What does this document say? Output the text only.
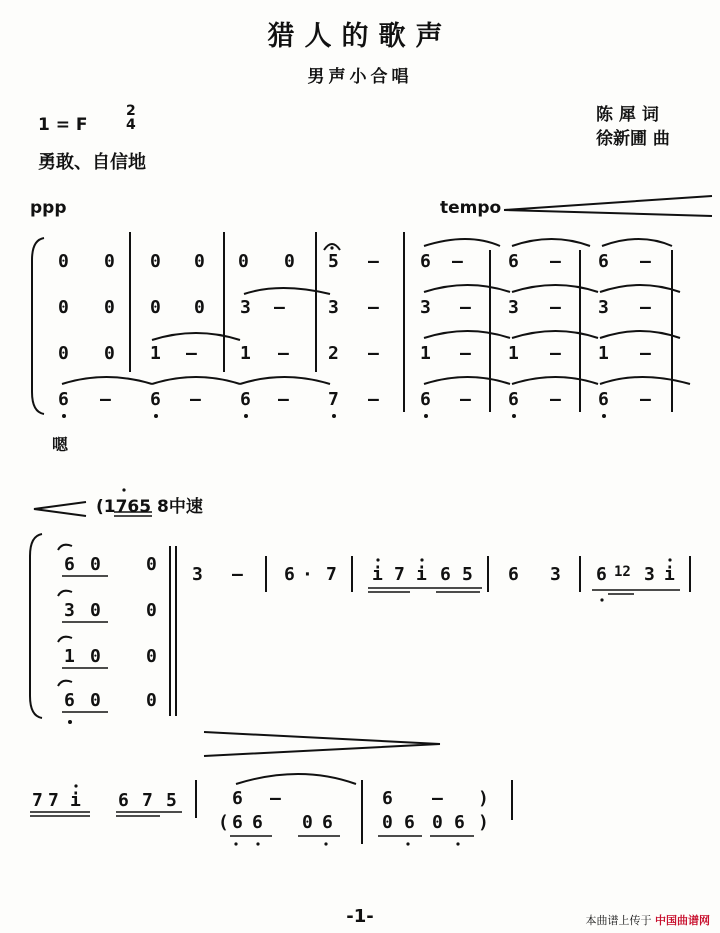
猎人的歌声
男声小合唱
1 = F
2
4
勇敢、自信地
陈 犀 词
徐新圃 曲
ppp	tempo
嗯
(1765 8中速
0 0 0 0 0 0 5 — 6 —	6 — 6 —
0 0 0 0 3 — 3 — 3 — 3 — 3 —
0 0 1 — 1 — 2 — 1 — 1 — 1 —
6 — 6 — 6 — 7 — 6 — 6 — 6 —
6 0	0
3 0	0
1 0	0
6 0	0
3 — 6 · 7 i 7 i 6 5 6 3 6 12 3 i
7 7 i 6 7 5	6 —	6 — )
( 6 6 0 6	0 6 0 6 )
-1-	本曲谱上传于 中国曲谱网
